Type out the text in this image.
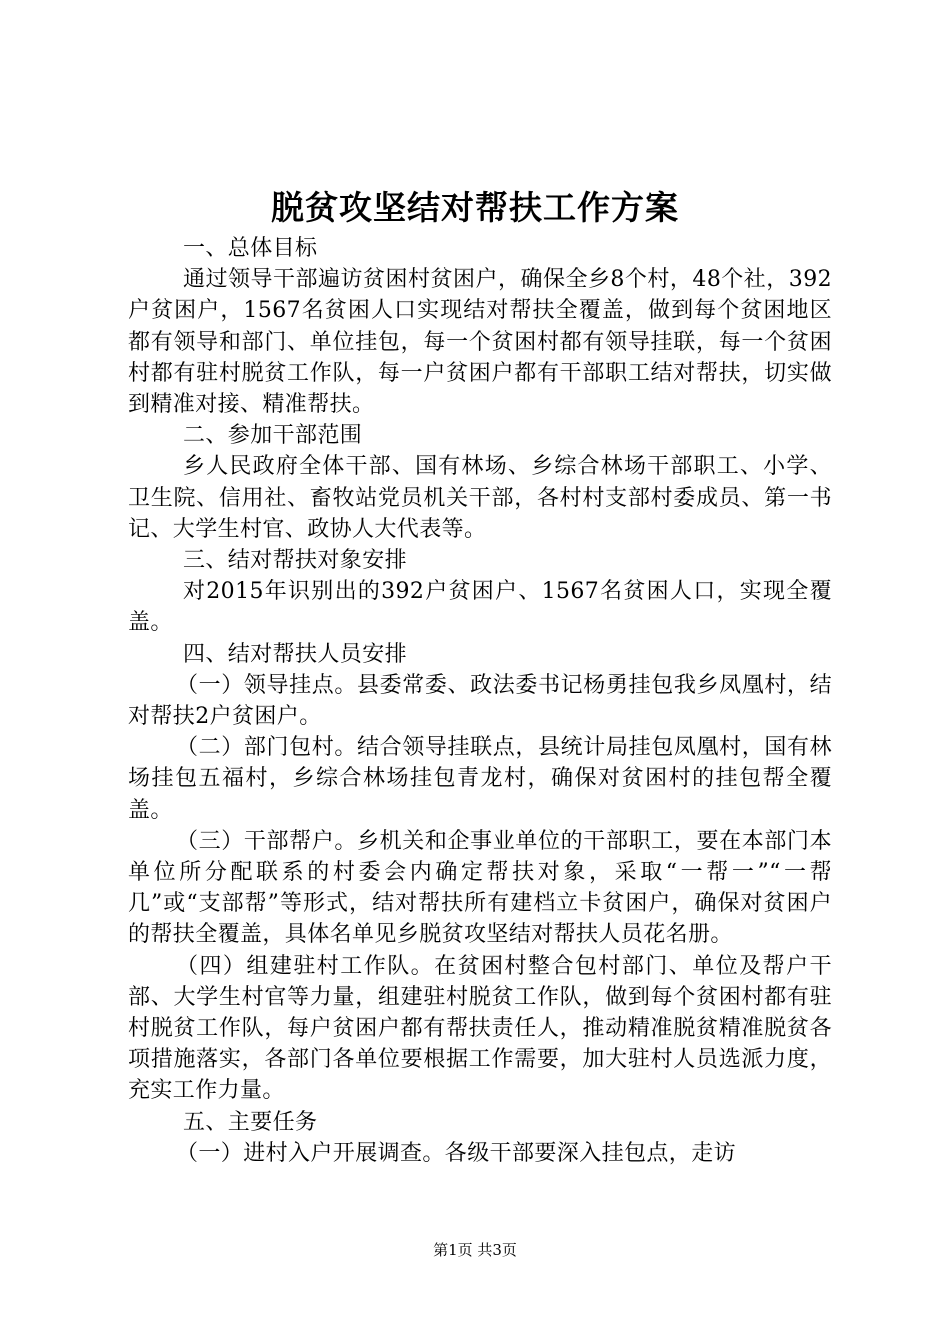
脱贫攻坚结对帮扶工作方案

一、总体目标

通过领导干部遍访贫困村贫困户，确保全乡8个村，48个社，392户贫困户，1567名贫困人口实现结对帮扶全覆盖，做到每个贫困地区都有领导和部门、单位挂包，每一个贫困村都有领导挂联，每一个贫困村都有驻村脱贫工作队，每一户贫困户都有干部职工结对帮扶，切实做到精准对接、精准帮扶。

二、参加干部范围

乡人民政府全体干部、国有林场、乡综合林场干部职工、小学、卫生院、信用社、畜牧站党员机关干部，各村村支部村委成员、第一书记、大学生村官、政协人大代表等。

三、结对帮扶对象安排

对2015年识别出的392户贫困户、1567名贫困人口，实现全覆盖。

四、结对帮扶人员安排

（一）领导挂点。县委常委、政法委书记杨勇挂包我乡凤凰村，结对帮扶2户贫困户。

（二）部门包村。结合领导挂联点，县统计局挂包凤凰村，国有林场挂包五福村，乡综合林场挂包青龙村，确保对贫困村的挂包帮全覆盖。

（三）干部帮户。乡机关和企事业单位的干部职工，要在本部门本单位所分配联系的村委会内确定帮扶对象，采取“一帮一”“一帮几”或“支部帮”等形式，结对帮扶所有建档立卡贫困户，确保对贫困户的帮扶全覆盖，具体名单见乡脱贫攻坚结对帮扶人员花名册。

（四）组建驻村工作队。在贫困村整合包村部门、单位及帮户干部、大学生村官等力量，组建驻村脱贫工作队，做到每个贫困村都有驻村脱贫工作队，每户贫困户都有帮扶责任人，推动精准脱贫精准脱贫各项措施落实，各部门各单位要根据工作需要，加大驻村人员选派力度，充实工作力量。

五、主要任务

（一）进村入户开展调查。各级干部要深入挂包点，走访

第1页 共3页
